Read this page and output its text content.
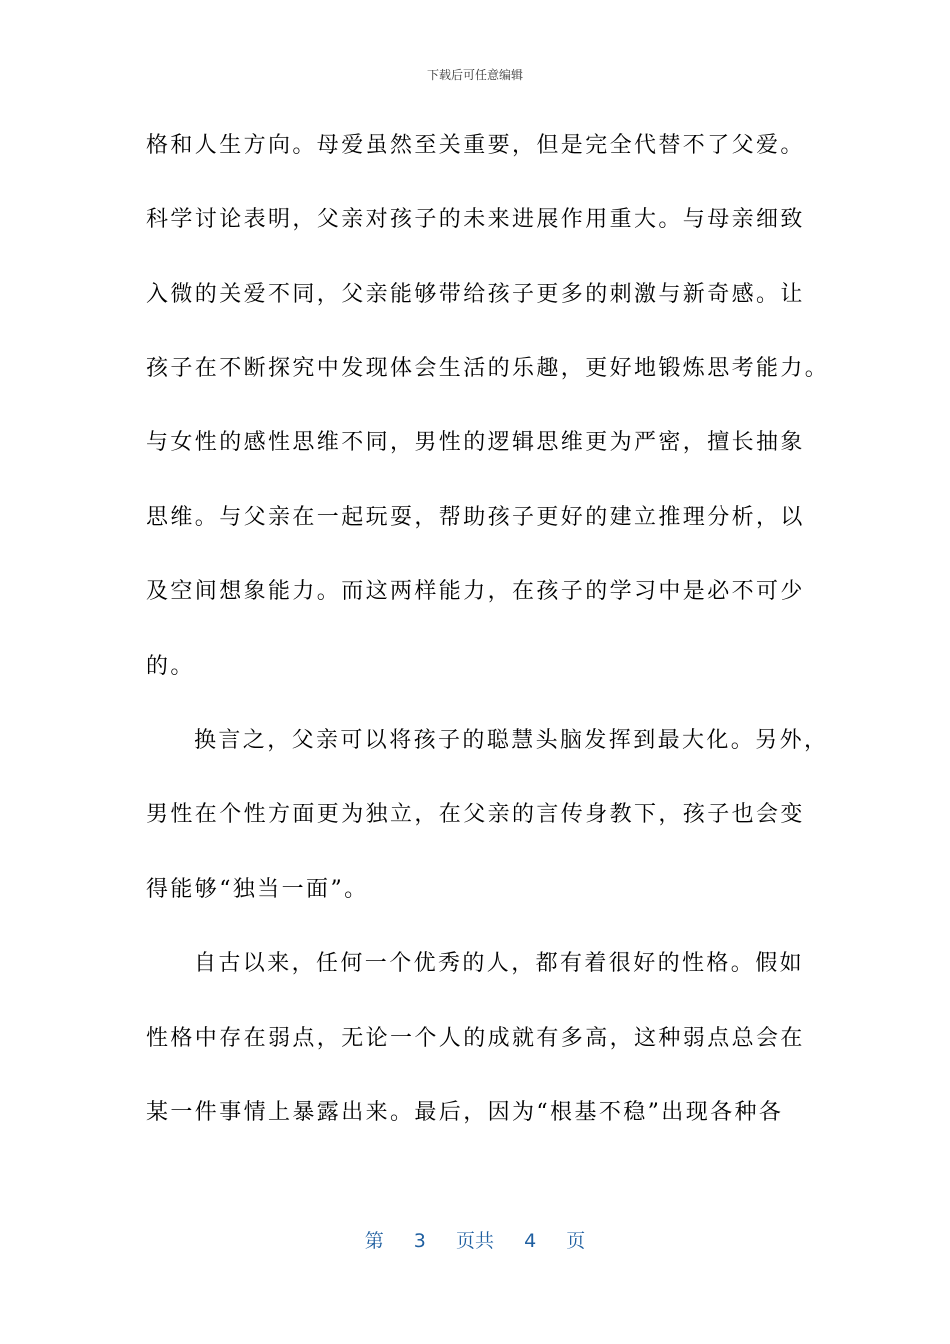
下载后可任意编辑
格和人生方向。母爱虽然至关重要，但是完全代替不了父爱。
科学讨论表明，父亲对孩子的未来进展作用重大。与母亲细致
入微的关爱不同，父亲能够带给孩子更多的刺激与新奇感。让
孩子在不断探究中发现体会生活的乐趣，更好地锻炼思考能力。
与女性的感性思维不同，男性的逻辑思维更为严密，擅长抽象
思维。与父亲在一起玩耍，帮助孩子更好的建立推理分析，以
及空间想象能力。而这两样能力，在孩子的学习中是必不可少
的。
换言之，父亲可以将孩子的聪慧头脑发挥到最大化。另外，
男性在个性方面更为独立，在父亲的言传身教下，孩子也会变
得能够“独当一面”。
自古以来，任何一个优秀的人，都有着很好的性格。假如
性格中存在弱点，无论一个人的成就有多高，这种弱点总会在
某一件事情上暴露出来。最后，因为“根基不稳”出现各种各
第 3 页共 4 页
